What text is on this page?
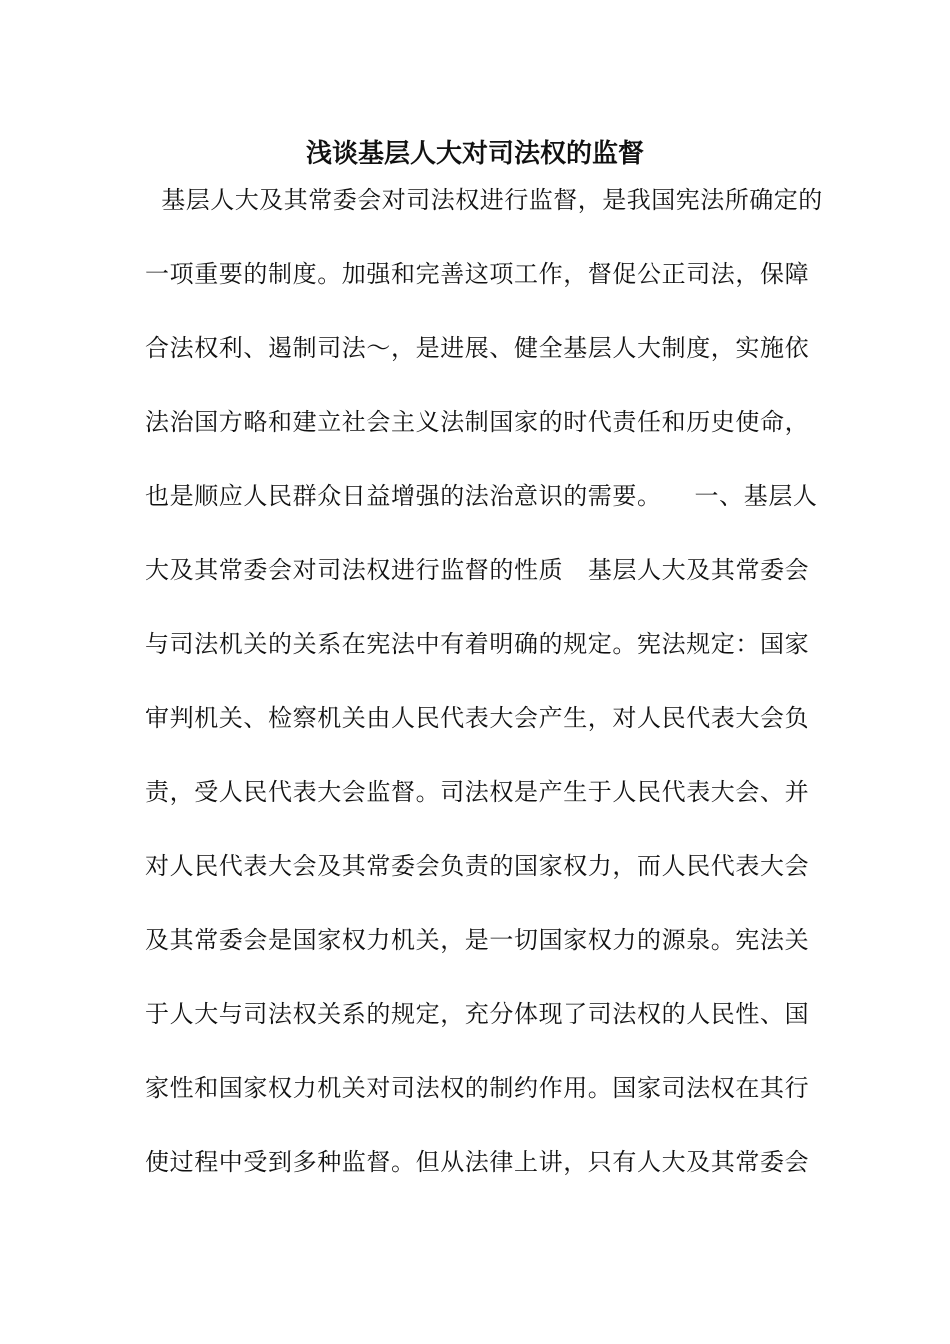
浅谈基层人大对司法权的监督
基层人大及其常委会对司法权进行监督，是我国宪法所确定的
一项重要的制度。加强和完善这项工作，督促公正司法，保障
合法权利、遏制司法～，是进展、健全基层人大制度，实施依
法治国方略和建立社会主义法制国家的时代责任和历史使命，
也是顺应人民群众日益增强的法治意识的需要。    一、基层人
大及其常委会对司法权进行监督的性质   基层人大及其常委会
与司法机关的关系在宪法中有着明确的规定。宪法规定：国家
审判机关、检察机关由人民代表大会产生，对人民代表大会负
责，受人民代表大会监督。司法权是产生于人民代表大会、并
对人民代表大会及其常委会负责的国家权力，而人民代表大会
及其常委会是国家权力机关，是一切国家权力的源泉。宪法关
于人大与司法权关系的规定，充分体现了司法权的人民性、国
家性和国家权力机关对司法权的制约作用。国家司法权在其行
使过程中受到多种监督。但从法律上讲，只有人大及其常委会
